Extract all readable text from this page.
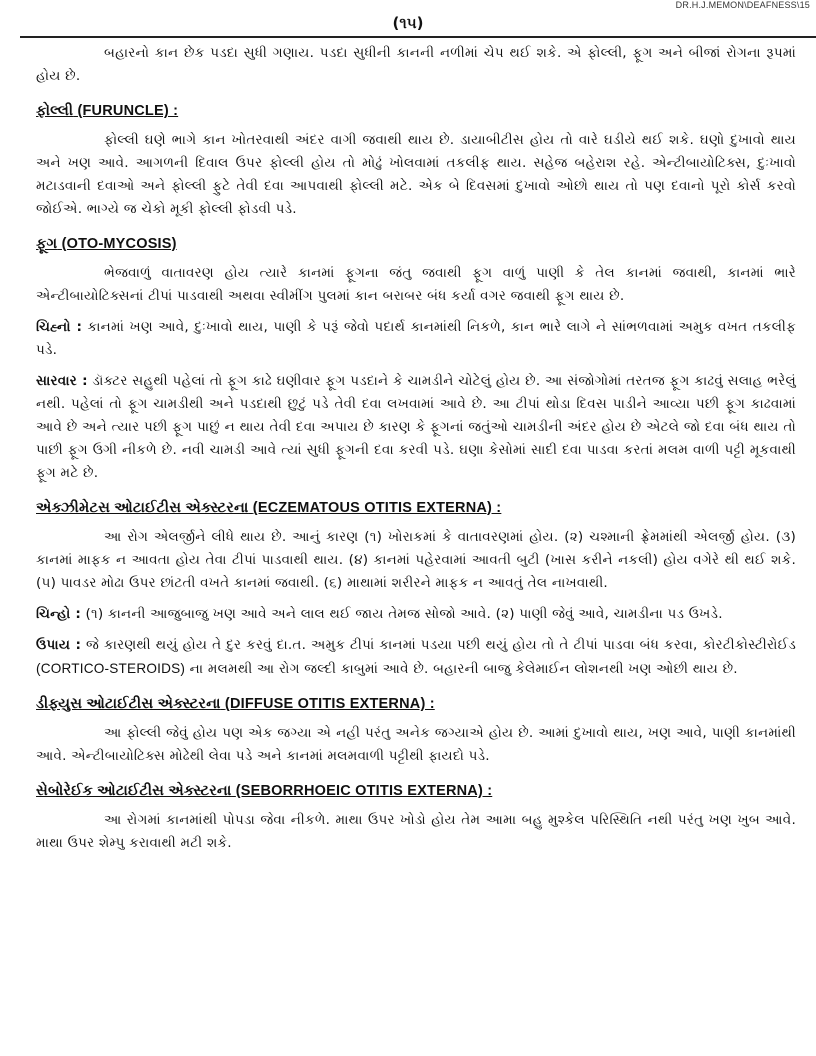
DR.H.J.MEMON\DEAFNESS\15
(૧૫)

બહારનો કાન છેક પડદા સુધી ગણાય. પડદા સુધીની કાનની નળીમાં ચેપ થઈ શકે. એ ફોલ્લી, ફૂગ અને બીજાં રોગના રૂપમાં હોય છે.

ફોલ્લી (FURUNCLE) :

ફોલ્લી ઘણે ભાગે કાન ખોતરવાથી અંદર વાગી જવાથી થાય છે. ડાયાબીટીસ હોય તો વારે ઘડીયે થઈ શકે. ઘણો દુખાવો થાય અને ખણ આવે. આગળની દિવાલ ઉપર ફોલ્લી હોય તો મોઢું ખોલવામાં તકલીફ થાય. સહેજ બહેરાશ રહે. એન્ટીબાયોટિક્સ, દુઃખાવો મટાડવાની દવાઓ અને ફોલ્લી ફુટે તેવી દવા આપવાથી ફોલ્લી મટે. એક બે દિવસમાં દુખાવો ઓછો થાય તો પણ દવાનો પૂરો કોર્સ કરવો જોઈએ. ભાગ્યે જ ચેકો મૂકી ફોલ્લી ફોડવી પડે.

ફૂગ (OTO-MYCOSIS)

ભેજવાળું વાતાવરણ હોય ત્યારે કાનમાં ફૂગના જંતુ જવાથી ફૂગ વાળું પાણી કે તેલ કાનમાં જવાથી, કાનમાં ભારે એન્ટીબાયોટિક્સનાં ટીપાં પાડવાથી અથવા સ્વીમીંગ પુલમાં કાન બરાબર બંધ કર્યા વગર જવાથી ફૂગ થાય છે.

ચિહ્નો : કાનમાં ખણ આવે, દુઃખાવો થાય, પાણી કે પરૂં જેવો પદાર્થ કાનમાંથી નિકળે, કાન ભારે લાગે ને સાંભળવામાં અમુક વખત તકલીફ પડે.

સારવાર : ડૉક્ટર સહુથી પહેલાં તો ફૂગ કાઢે ઘણીવાર ફૂગ પડદાને કે ચામડીને ચોટેલું હોય છે. આ સંજોગોમાં તરતજ ફૂગ કાઢવું સલાહ ભરેલું નથી. પહેલાં તો ફૂગ ચામડીથી અને પડદાથી છુટું પડે તેવી દવા લખવામાં આવે છે. આ ટીપાં થોડા દિવસ પાડીને આવ્યા પછી ફૂગ કાઢવામાં આવે છે અને ત્યાર પછી ફૂગ પાછું ન થાય તેવી દવા અપાય છે કારણ કે ફૂગનાં જતુંઓ ચામડીની અંદર હોય છે એટલે જો દવા બંધ થાય તો પાછી ફૂગ ઉગી નીકળે છે. નવી ચામડી આવે ત્યાં સુધી ફૂગની દવા કરવી પડે. ઘણા કેસોમાં સાદી દવા પાડવા કરતાં મલમ વાળી પટ્ટી મૂકવાથી ફૂગ મટે છે.

એક્ઝીમેટસ ઓટાઈટીસ એક્સ્ટરના (ECZEMATOUS OTITIS EXTERNA) :

આ રોગ એલર્જીને લીધે થાય છે. આનું કારણ (૧) ખોરાકમાં કે વાતાવરણમાં હોય. (૨) ચશ્માની ફ્રેમમાંથી એલર્જી હોય. (૩) કાનમાં માફક ન આવતા હોય તેવા ટીપાં પાડવાથી થાય. (૪) કાનમાં પહેરવામાં આવતી બુટી (ખાસ કરીને નકલી) હોય વગેરે થી થઈ શકે. (૫) પાવડર મોઢા ઉપર છાંટતી વખતે કાનમાં જવાથી. (૬) માથામાં શરીરને માફક ન આવતું તેલ નાખવાથી.

ચિન્હો : (૧) કાનની આજુબાજુ ખણ આવે અને લાલ થઈ જાય તેમજ સોજો આવે. (૨) પાણી જેવું આવે, ચામડીના પડ ઉખડે.

ઉપાય : જે કારણથી થયું હોય તે દુર કરવું દા.ત. અમુક ટીપાં કાનમાં પડયા પછી થયું હોય તો તે ટીપાં પાડવા બંધ કરવા, કોરટીકોસ્ટીરોઈડ (CORTICO-STEROIDS) ના મલમથી આ રોગ જલ્દી કાબુમાં આવે છે. બહારની બાજુ કેલેમાઈન લોશનથી ખણ ઓછી થાય છે.

ડીફ્યુસ ઓટાઈટીસ એક્સ્ટરના (DIFFUSE OTITIS EXTERNA) :

આ ફોલ્લી જેવું હોય પણ એક જગ્યા એ નહી પરંતુ અનેક જગ્યાએ હોય છે. આમાં દુખાવો થાય, ખણ આવે, પાણી કાનમાંથી આવે. એન્ટીબાયોટિક્સ મોઢેથી લેવા પડે અને કાનમાં મલમવાળી પટ્ટીથી ફાયદો પડે.

સેબોરેઈક ઓટાઈટીસ એક્સ્ટરના (SEBORRHOEIC OTITIS EXTERNA) :

આ રોગમાં કાનમાંથી પોપડા જેવા નીકળે. માથા ઉપર ખોડો હોય તેમ આમા બહુ મુશ્કેલ પરિસ્થિતિ નથી પરંતુ ખણ ખુબ આવે. માથા ઉપર શેમ્પુ કરાવાથી મટી શકે.
